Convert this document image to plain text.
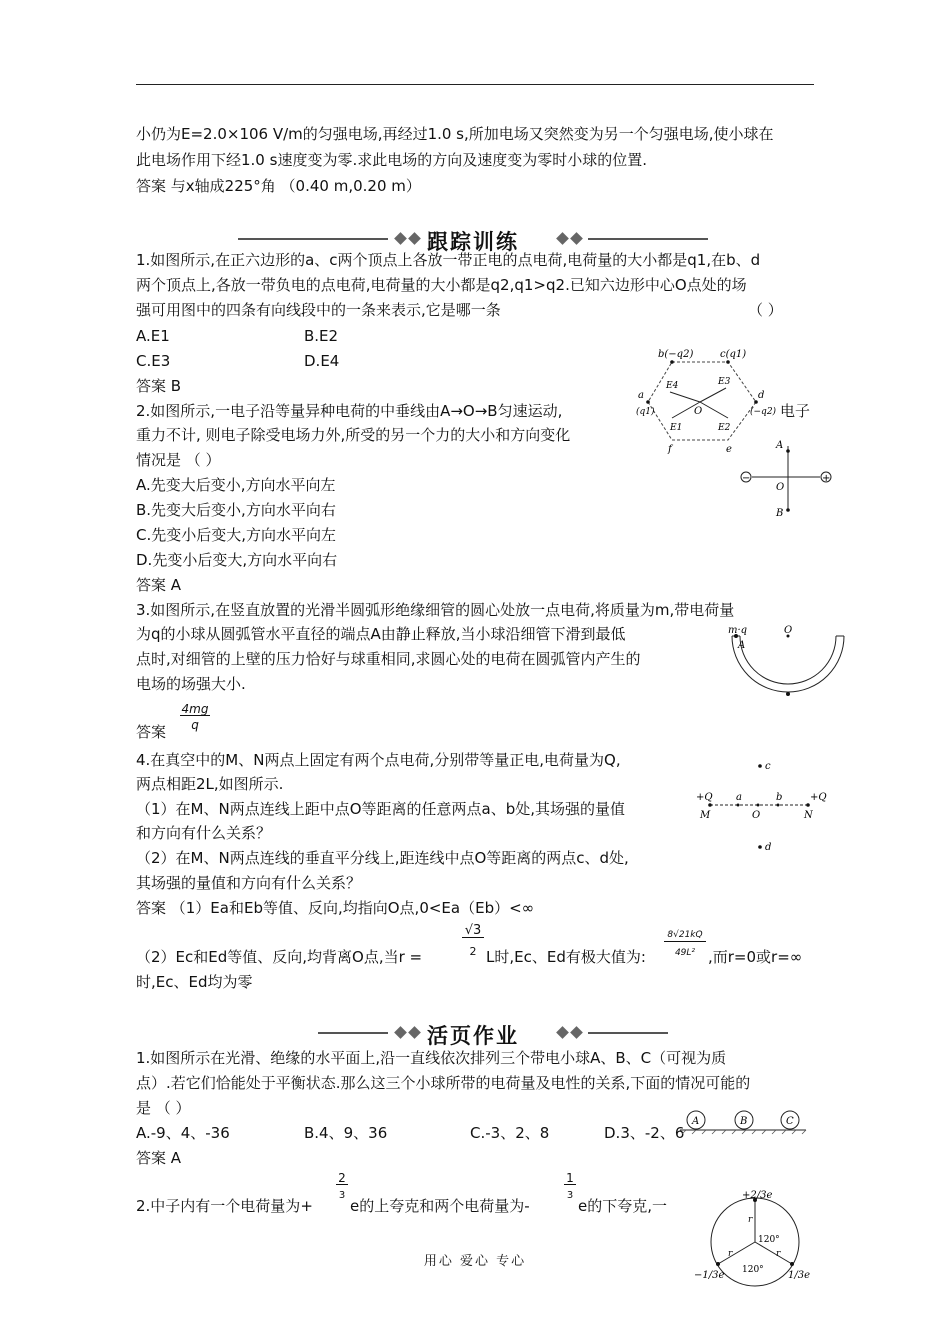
小仍为E=2.0×106 V/m的匀强电场,再经过1.0 s,所加电场又突然变为另一个匀强电场,使小球在
此电场作用下经1.0 s速度变为零.求此电场的方向及速度变为零时小球的位置.
答案 与x轴成225°角 （0.40 m,0.20 m）
跟踪训练
1.如图所示,在正六边形的a、c两个顶点上各放一带正电的点电荷,电荷量的大小都是q1,在b、d
两个顶点上,各放一带负电的点电荷,电荷量的大小都是q2,q1>q2.已知六边形中心O点处的场
强可用图中的四条有向线段中的一条来表示,它是哪一条	（ ）
A.E1	B.E2
C.E3	D.E4
答案 B
b(−q2)	c(q1)
a
(q1)
d
(−q2)
f	e
E4	E3
E1	E2
O
2.如图所示,一电子沿等量异种电荷的中垂线由A→O→B匀速运动,	电子
重力不计, 则电子除受电场力外,所受的另一个力的大小和方向变化
情况是 （ ）
A.先变大后变小,方向水平向左
B.先变大后变小,方向水平向右
C.先变小后变大,方向水平向左
D.先变小后变大,方向水平向右
答案 A
−	+
A
O
B
3.如图所示,在竖直放置的光滑半圆弧形绝缘细管的圆心处放一点电荷,将质量为m,带电荷量
为q的小球从圆弧管水平直径的端点A由静止释放,当小球沿细管下滑到最低
点时,对细管的上壁的压力恰好与球重相同,求圆心处的电荷在圆弧管内产生的
电场的场强大小.
答案
4mg
q
m·q	O
A
4.在真空中的M、N两点上固定有两个点电荷,分别带等量正电,电荷量为Q,
两点相距2L,如图所示.
（1）在M、N两点连线上距中点O等距离的任意两点a、b处,其场强的量值
和方向有什么关系？
（2）在M、N两点连线的垂直平分线上,距连线中点O等距离的两点c、d处,
其场强的量值和方向有什么关系？
答案 （1）Ea和Eb等值、反向,均指向O点,0<Ea（Eb）<∞
（2）Ec和Ed等值、反向,均背离O点,当r =
√3
2 L时,Ec、Ed有极大值为:
8√21kQ
49L² ,而r=0或r=∞
时,Ec、Ed均为零
c
d
+Q	+Q
a	b
M	O	N
活页作业
1.如图所示在光滑、绝缘的水平面上,沿一直线依次排列三个带电小球A、B、C（可视为质
点）.若它们恰能处于平衡状态.那么这三个小球所带的电荷量及电性的关系,下面的情况可能的
是 （ ）
A.-9、4、-36	B.4、9、36	C.-3、2、8	D.3、-2、6
答案 A
A	B	C
2.中子内有一个电荷量为+
2
3
e的上夸克和两个电荷量为-
1
3
e的下夸克,一
+2/3e
−1/3e	1/3e
120°
120°
r
r	r
用心 爱心 专心
